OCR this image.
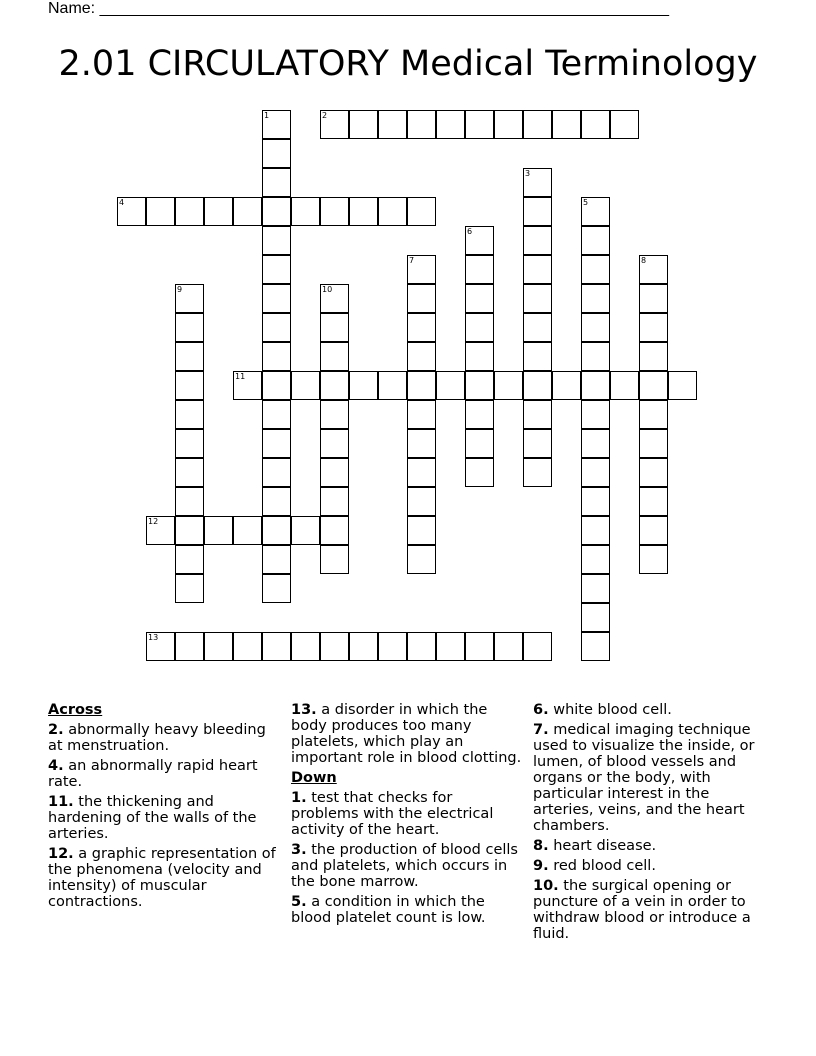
Name: ________________________________________________________________
2.01 CIRCULATORY Medical Terminology
1	2
3
4	5
6
7	8
9	10
11
12
13
Across
2. abnormally heavy bleeding at menstruation.
4. an abnormally rapid heart rate.
11. the thickening and hardening of the walls of the arteries.
12. a graphic representation of the phenomena (velocity and intensity) of muscular contractions.
13. a disorder in which the body produces too many platelets, which play an important role in blood clotting.
Down
1. test that checks for problems with the electrical activity of the heart.
3. the production of blood cells and platelets, which occurs in the bone marrow.
5. a condition in which the blood platelet count is low.
6. white blood cell.
7. medical imaging technique used to visualize the inside, or lumen, of blood vessels and organs or the body, with particular interest in the arteries, veins, and the heart chambers.
8. heart disease.
9. red blood cell.
10. the surgical opening or puncture of a vein in order to withdraw blood or introduce a fluid.
